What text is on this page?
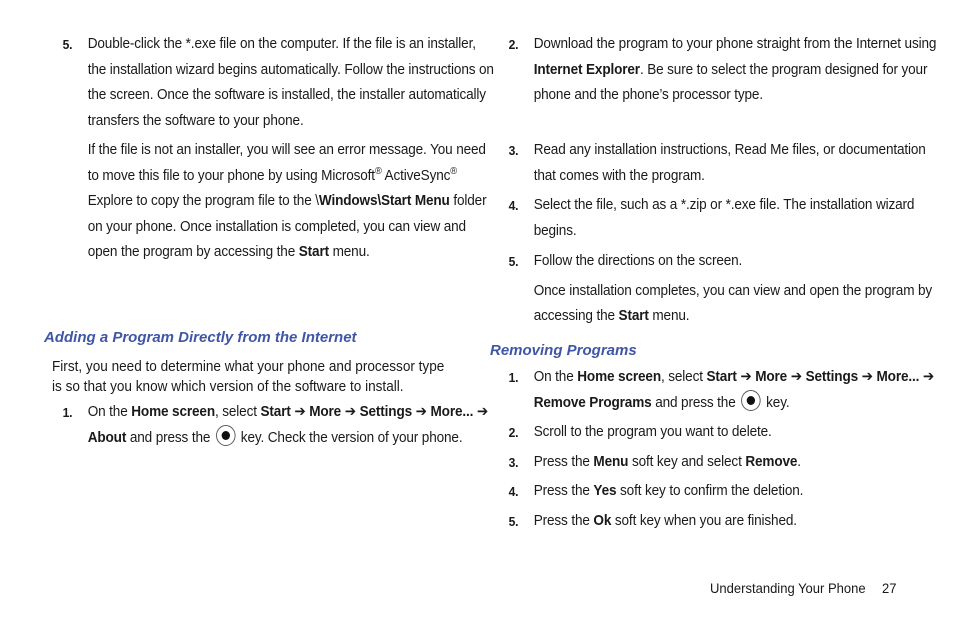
5. Double-click the *.exe file on the computer. If the file is an installer, the installation wizard begins automatically. Follow the instructions on the screen. Once the software is installed, the installer automatically transfers the software to your phone.

If the file is not an installer, you will see an error message. You need to move this file to your phone by using Microsoft® ActiveSync® Explore to copy the program file to the \Windows\Start Menu folder on your phone. Once installation is completed, you can view and open the program by accessing the Start menu.

Adding a Program Directly from the Internet
First, you need to determine what your phone and processor type is so that you know which version of the software to install.
1. On the Home screen, select Start ➔ More ➔ Settings ➔ More... ➔ About and press the  key. Check the version of your phone.

2. Download the program to your phone straight from the Internet using Internet Explorer. Be sure to select the program designed for your phone and the phone’s processor type.

3. Read any installation instructions, Read Me files, or documentation that comes with the program.

4. Select the file, such as a *.zip or *.exe file. The installation wizard begins.

5. Follow the directions on the screen.

Once installation completes, you can view and open the program by accessing the Start menu.

Removing Programs
1. On the Home screen, select Start ➔ More ➔ Settings ➔ More... ➔ Remove Programs and press the  key.

2. Scroll to the program you want to delete.

3. Press the Menu soft key and select Remove.

4. Press the Yes soft key to confirm the deletion.

5. Press the Ok soft key when you are finished.

Understanding Your Phone 27
